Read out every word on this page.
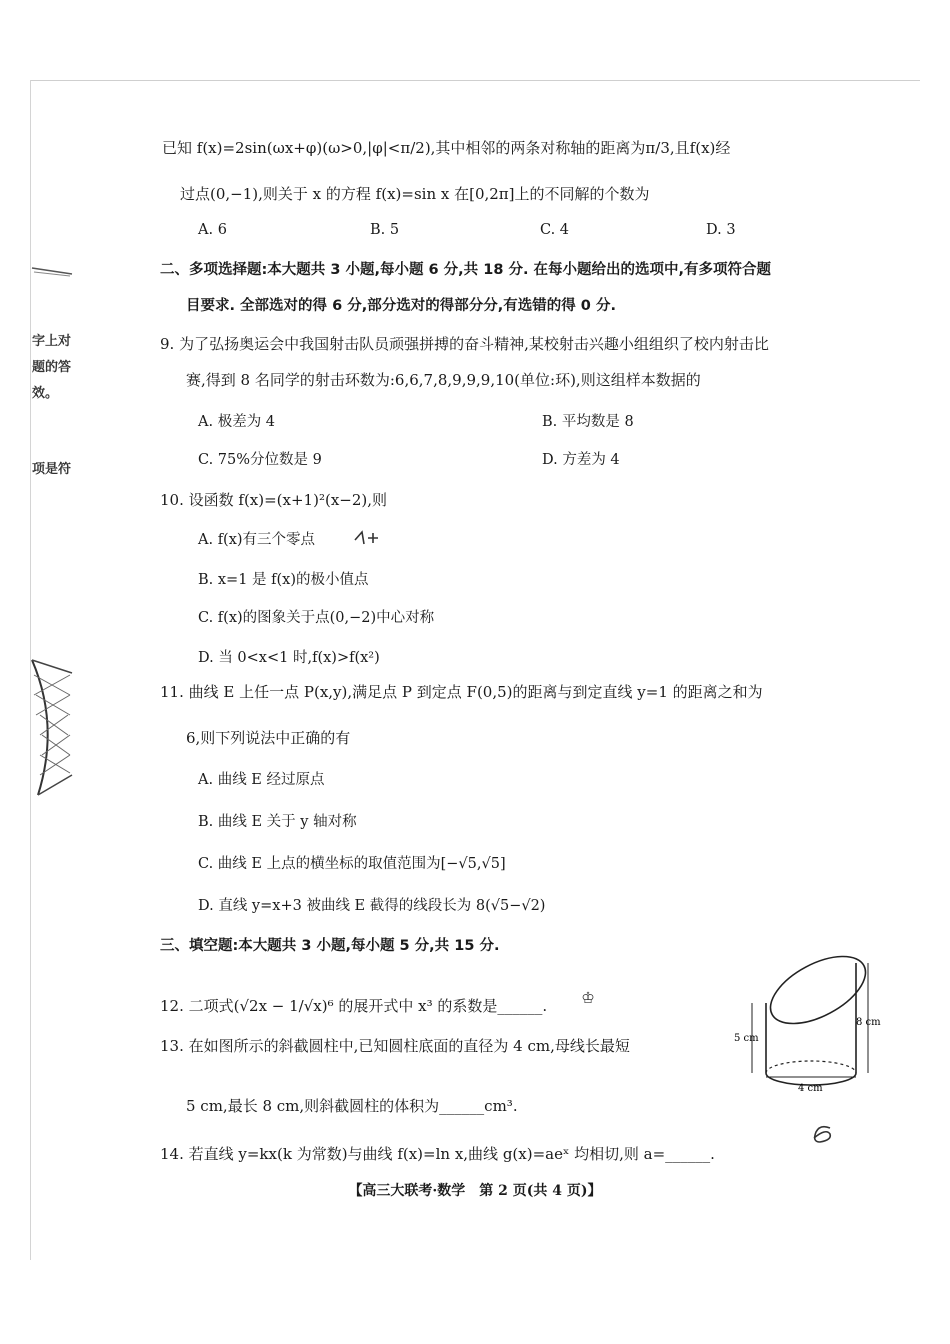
字上对
题的答
效。
项是符
已知 f(x)=2sin(ωx+φ)(ω>0,|φ|<π/2),其中相邻的两条对称轴的距离为π/3,且f(x)经
过点(0,−1),则关于 x 的方程 f(x)=sin x 在[0,2π]上的不同解的个数为
A. 6	B. 5	C. 4	D. 3
二、多项选择题:本大题共 3 小题,每小题 6 分,共 18 分. 在每小题给出的选项中,有多项符合题
目要求. 全部选对的得 6 分,部分选对的得部分分,有选错的得 0 分.
9. 为了弘扬奥运会中我国射击队员顽强拼搏的奋斗精神,某校射击兴趣小组组织了校内射击比
赛,得到 8 名同学的射击环数为:6,6,7,8,9,9,9,10(单位:环),则这组样本数据的
A. 极差为 4	B. 平均数是 8
C. 75%分位数是 9	D. 方差为 4
10. 设函数 f(x)=(x+1)²(x−2),则
A. f(x)有三个零点
B. x=1 是 f(x)的极小值点
C. f(x)的图象关于点(0,−2)中心对称
D. 当 0<x<1 时,f(x)>f(x²)
11. 曲线 E 上任一点 P(x,y),满足点 P 到定点 F(0,5)的距离与到定直线 y=1 的距离之和为
6,则下列说法中正确的有
A. 曲线 E 经过原点
B. 曲线 E 关于 y 轴对称
C. 曲线 E 上点的横坐标的取值范围为[−√5,√5]
D. 直线 y=x+3 被曲线 E 截得的线段长为 8(√5−√2)
三、填空题:本大题共 3 小题,每小题 5 分,共 15 分.
12. 二项式(√2x − 1/√x)⁶ 的展开式中 x³ 的系数是______. ♔
13. 在如图所示的斜截圆柱中,已知圆柱底面的直径为 4 cm,母线长最短
5 cm,最长 8 cm,则斜截圆柱的体积为______cm³.
5 cm
8 cm
4 cm
14. 若直线 y=kx(k 为常数)与曲线 f(x)=ln x,曲线 g(x)=aeˣ 均相切,则 a=______.
【高三大联考·数学　第 2 页(共 4 页)】
